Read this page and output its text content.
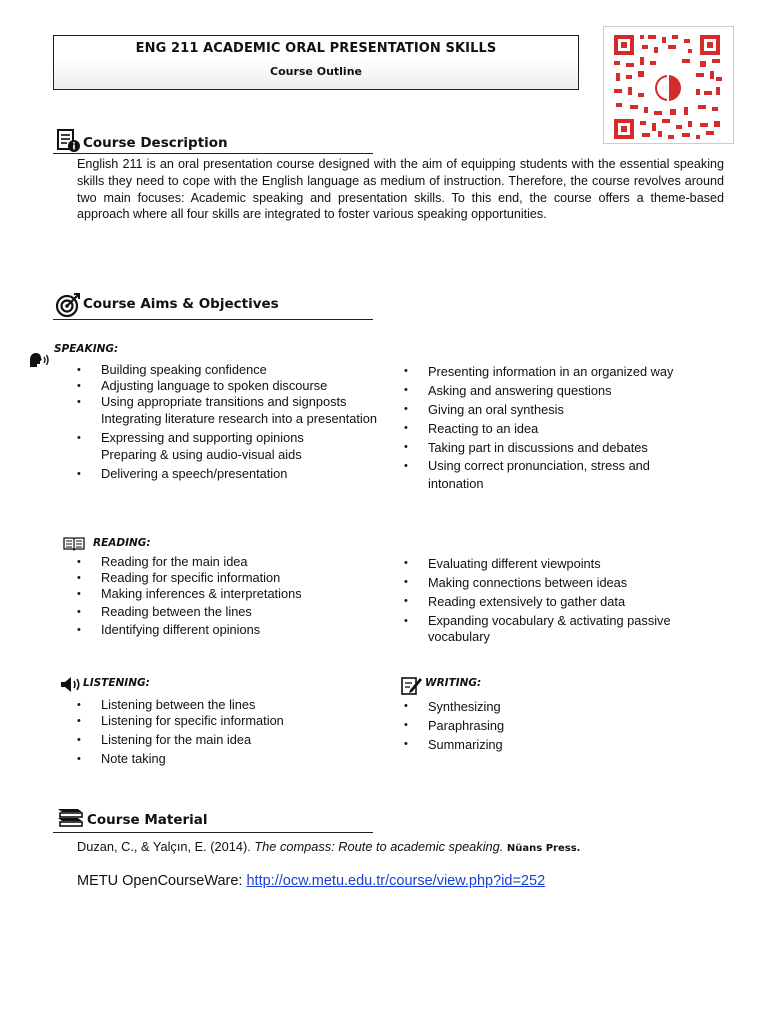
ENG 211 ACADEMIC ORAL PRESENTATION SKILLS
Course Outline
Course Description
English 211 is an oral presentation course designed with the aim of equipping students with the essential speaking skills they need to cope with the English language as medium of instruction. Therefore, the course revolves around two main focuses: Academic speaking and presentation skills. To this end, the course offers a theme-based approach where all four skills are integrated to foster various speaking opportunities.
Course Aims & Objectives
SPEAKING:
• Building speaking confidence
• Adjusting language to spoken discourse
• Using appropriate transitions and signposts
Integrating literature research into a presentation
• Expressing and supporting opinions
Preparing & using audio-visual aids
• Delivering a speech/presentation
• Presenting information in an organized way
• Asking and answering questions
• Giving an oral synthesis
• Reacting to an idea
• Taking part in discussions and debates
• Using correct pronunciation, stress and intonation
READING:
• Reading for the main idea
• Reading for specific information
• Making inferences & interpretations
• Reading between the lines
• Identifying different opinions
• Evaluating different viewpoints
• Making connections between ideas
• Reading extensively to gather data
• Expanding vocabulary & activating passive vocabulary
LISTENING:
• Listening between the lines
• Listening for specific information
• Listening for the main idea
• Note taking
WRITING:
• Synthesizing
• Paraphrasing
• Summarizing
Course Material
Duzan, C., & Yalçın, E. (2014). The compass: Route to academic speaking. Nüans Press.
METU OpenCourseWare: http://ocw.metu.edu.tr/course/view.php?id=252
